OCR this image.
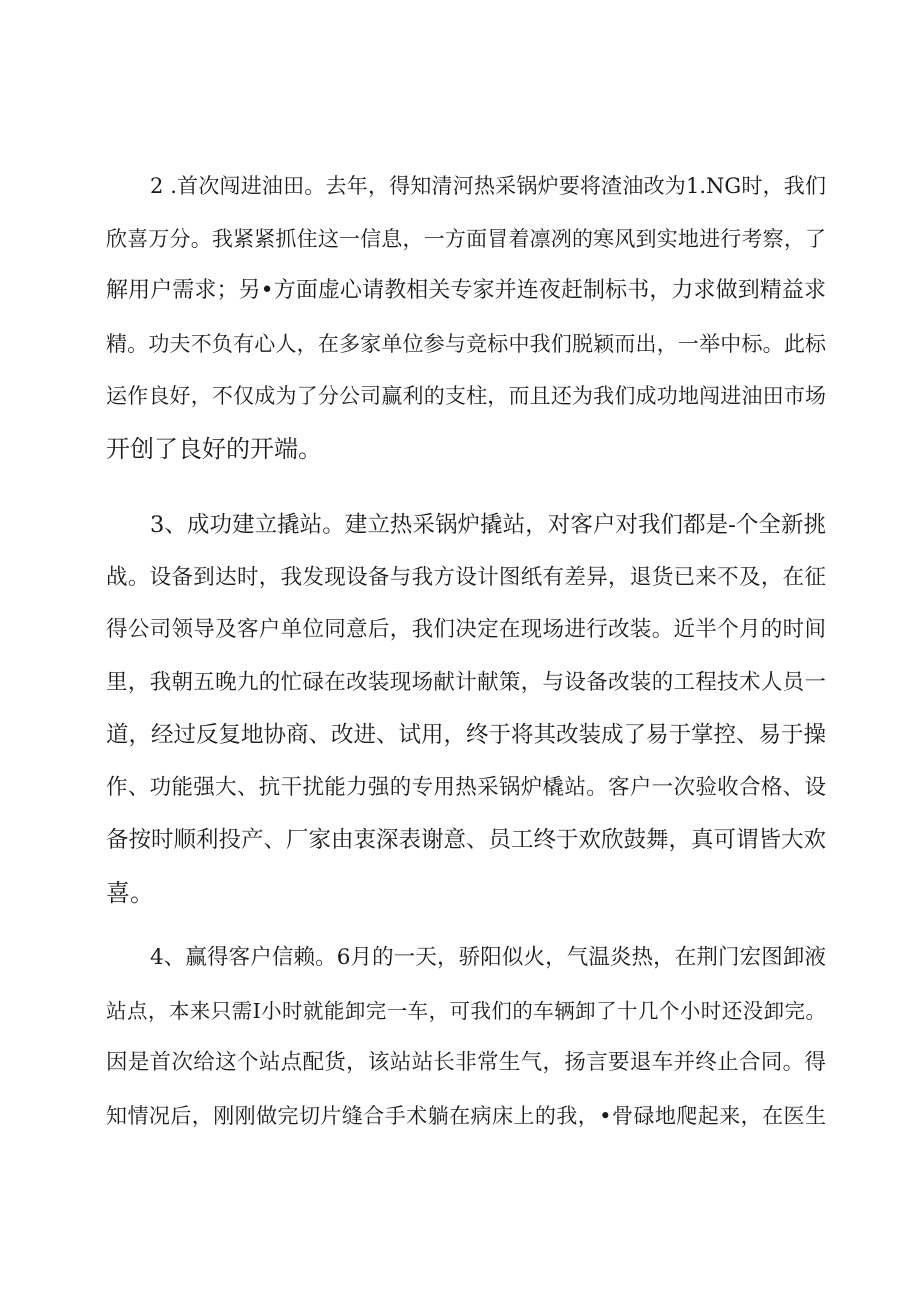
2 .首次闯进油田。去年，得知清河热采锅炉要将渣油改为1.NG时，我们
欣喜万分。我紧紧抓住这一信息，一方面冒着凛冽的寒风到实地进行考察，了
解用户需求；另•方面虚心请教相关专家并连夜赶制标书，力求做到精益求
精。功夫不负有心人，在多家单位参与竞标中我们脱颖而出，一举中标。此标
运作良好，不仅成为了分公司赢利的支柱，而且还为我们成功地闯进油田市场
开创了良好的开端。
3、成功建立撬站。建立热采锅炉撬站，对客户对我们都是-个全新挑
战。设备到达时，我发现设备与我方设计图纸有差异，退货已来不及，在征
得公司领导及客户单位同意后，我们决定在现场进行改装。近半个月的时间
里，我朝五晚九的忙碌在改装现场献计献策，与设备改装的工程技术人员一
道，经过反复地协商、改进、试用，终于将其改装成了易于掌控、易于操
作、功能强大、抗干扰能力强的专用热采锅炉橇站。客户一次验收合格、设
备按时顺利投产、厂家由衷深表谢意、员工终于欢欣鼓舞，真可谓皆大欢
喜。
4、赢得客户信赖。6月的一天，骄阳似火，气温炎热，在荆门宏图卸液
站点，本来只需I小时就能卸完一车，可我们的车辆卸了十几个小时还没卸完。
因是首次给这个站点配货，该站站长非常生气，扬言要退车并终止合同。得
知情况后，刚刚做完切片缝合手术躺在病床上的我，•骨碌地爬起来，在医生
